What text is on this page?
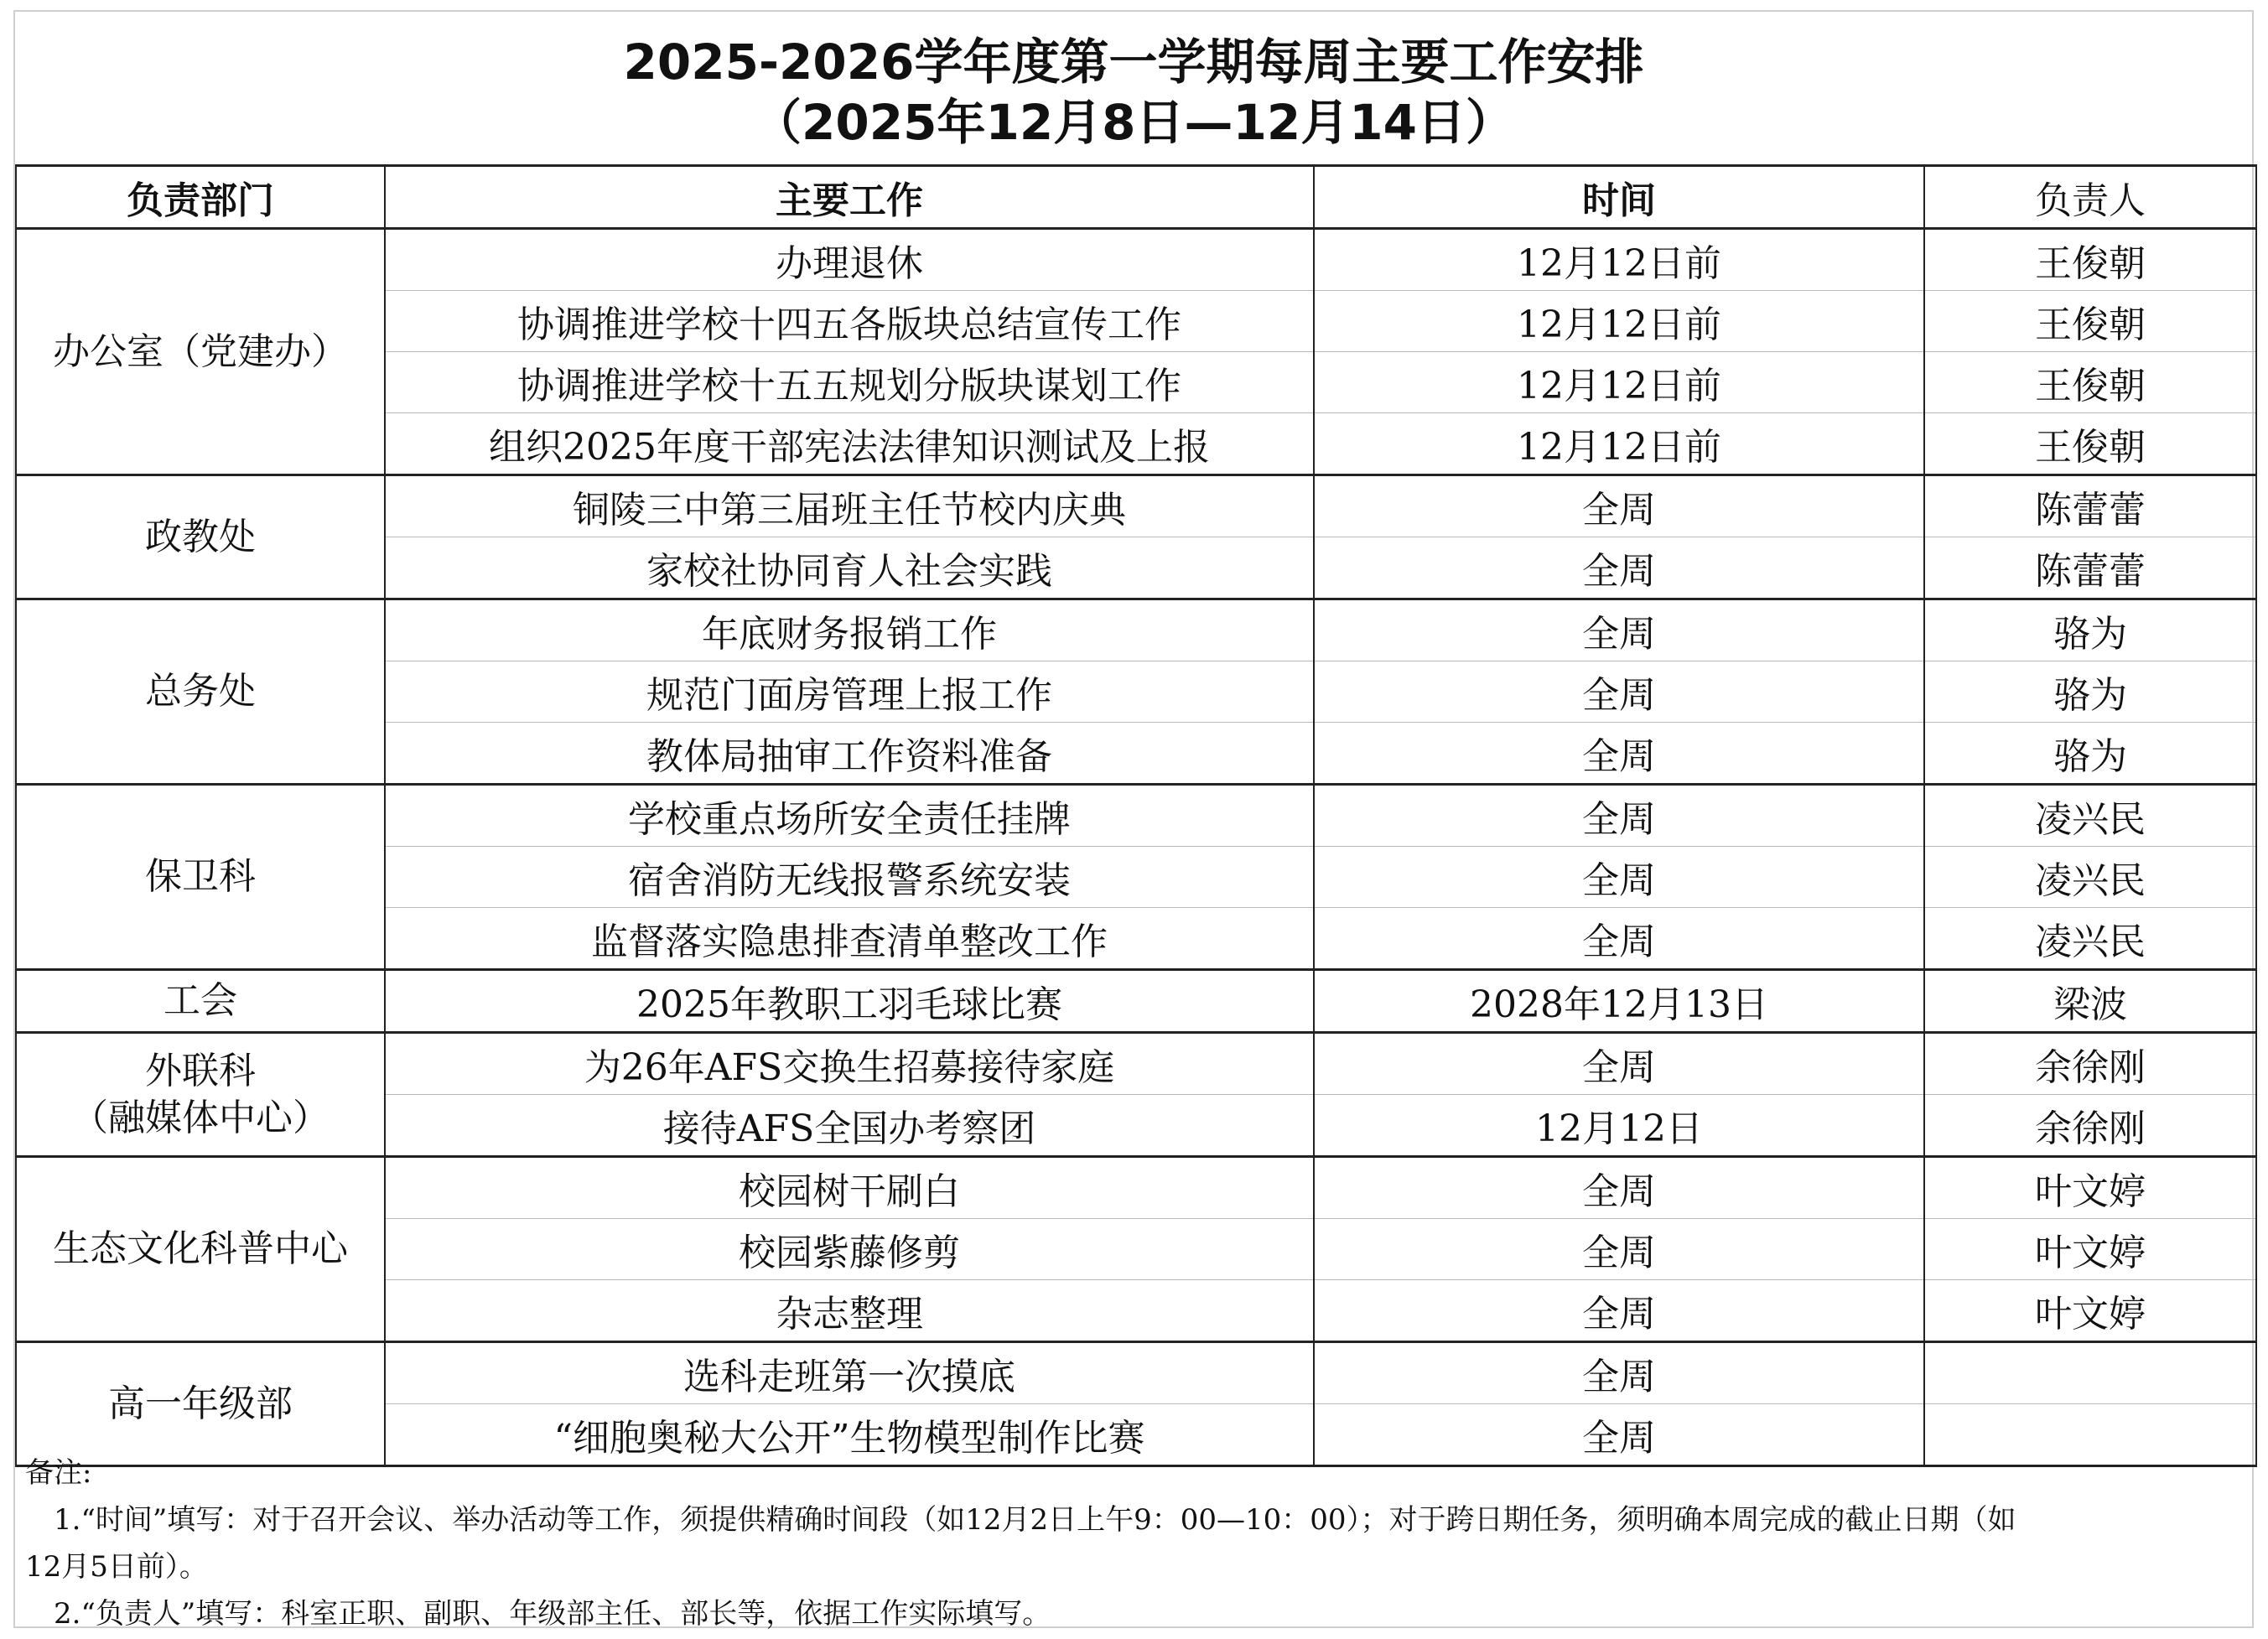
2025-2026学年度第一学期每周主要工作安排
（2025年12月8日—12月14日）
负责部门	主要工作	时间	负责人
办公室（党建办）	办理退休	12月12日前	王俊朝
	协调推进学校十四五各版块总结宣传工作	12月12日前	王俊朝
	协调推进学校十五五规划分版块谋划工作	12月12日前	王俊朝
	组织2025年度干部宪法法律知识测试及上报	12月12日前	王俊朝
政教处	铜陵三中第三届班主任节校内庆典	全周	陈蕾蕾
	家校社协同育人社会实践	全周	陈蕾蕾
总务处	年底财务报销工作	全周	骆为
	规范门面房管理上报工作	全周	骆为
	教体局抽审工作资料准备	全周	骆为
保卫科	学校重点场所安全责任挂牌	全周	凌兴民
	宿舍消防无线报警系统安装	全周	凌兴民
	监督落实隐患排查清单整改工作	全周	凌兴民
工会	2025年教职工羽毛球比赛	2028年12月13日	梁波
外联科
（融媒体中心）	为26年AFS交换生招募接待家庭	全周	余徐刚
	接待AFS全国办考察团	12月12日	余徐刚
生态文化科普中心	校园树干刷白	全周	叶文婷
	校园紫藤修剪	全周	叶文婷
	杂志整理	全周	叶文婷
高一年级部	选科走班第一次摸底	全周	
	“细胞奥秘大公开”生物模型制作比赛	全周	
备注:
1.“时间”填写：对于召开会议、举办活动等工作，须提供精确时间段（如12月2日上午9：00—10：00）；对于跨日期任务，须明确本周完成的截止日期（如
12月5日前）。
2.“负责人”填写：科室正职、副职、年级部主任、部长等，依据工作实际填写。
